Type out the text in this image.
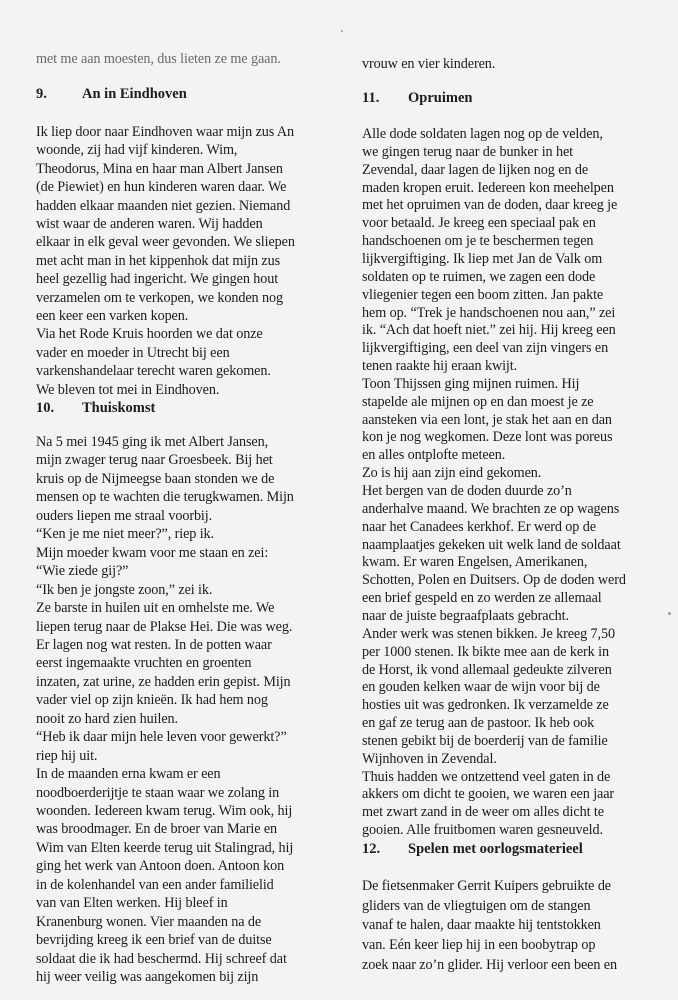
met me aan moesten, dus lieten ze me gaan.
9. An in Eindhoven
Ik liep door naar Eindhoven waar mijn zus An
woonde, zij had vijf kinderen. Wim,
Theodorus, Mina en haar man Albert Jansen
(de Piewiet) en hun kinderen waren daar. We
hadden elkaar maanden niet gezien. Niemand
wist waar de anderen waren. Wij hadden
elkaar in elk geval weer gevonden. We sliepen
met acht man in het kippenhok dat mijn zus
heel gezellig had ingericht. We gingen hout
verzamelen om te verkopen, we konden nog
een keer een varken kopen.
Via het Rode Kruis hoorden we dat onze
vader en moeder in Utrecht bij een
varkenshandelaar terecht waren gekomen.
We bleven tot mei in Eindhoven.
10. Thuiskomst
Na 5 mei 1945 ging ik met Albert Jansen,
mijn zwager terug naar Groesbeek. Bij het
kruis op de Nijmeegse baan stonden we de
mensen op te wachten die terugkwamen. Mijn
ouders liepen me straal voorbij.
“Ken je me niet meer?”, riep ik.
Mijn moeder kwam voor me staan en zei:
“Wie ziede gij?”
“Ik ben je jongste zoon,” zei ik.
Ze barste in huilen uit en omhelste me. We
liepen terug naar de Plakse Hei. Die was weg.
Er lagen nog wat resten. In de potten waar
eerst ingemaakte vruchten en groenten
inzaten, zat urine, ze hadden erin gepist. Mijn
vader viel op zijn knieën. Ik had hem nog
nooit zo hard zien huilen.
“Heb ik daar mijn hele leven voor gewerkt?”
riep hij uit.
In de maanden erna kwam er een
noodboerderijtje te staan waar we zolang in
woonden. Iedereen kwam terug. Wim ook, hij
was broodmager. En de broer van Marie en
Wim van Elten keerde terug uit Stalingrad, hij
ging het werk van Antoon doen. Antoon kon
in de kolenhandel van een ander familielid
van van Elten werken. Hij bleef in
Kranenburg wonen. Vier maanden na de
bevrijding kreeg ik een brief van de duitse
soldaat die ik had beschermd. Hij schreef dat
hij weer veilig was aangekomen bij zijn
vrouw en vier kinderen.
11. Opruimen
Alle dode soldaten lagen nog op de velden,
we gingen terug naar de bunker in het
Zevendal, daar lagen de lijken nog en de
maden kropen eruit. Iedereen kon meehelpen
met het opruimen van de doden, daar kreeg je
voor betaald. Je kreeg een speciaal pak en
handschoenen om je te beschermen tegen
lijkvergiftiging. Ik liep met Jan de Valk om
soldaten op te ruimen, we zagen een dode
vliegenier tegen een boom zitten. Jan pakte
hem op. “Trek je handschoenen nou aan,” zei
ik. “Ach dat hoeft niet.” zei hij. Hij kreeg een
lijkvergiftiging, een deel van zijn vingers en
tenen raakte hij eraan kwijt.
Toon Thijssen ging mijnen ruimen. Hij
stapelde ale mijnen op en dan moest je ze
aansteken via een lont, je stak het aan en dan
kon je nog wegkomen. Deze lont was poreus
en alles ontplofte meteen.
Zo is hij aan zijn eind gekomen.
Het bergen van de doden duurde zo’n
anderhalve maand. We brachten ze op wagens
naar het Canadees kerkhof. Er werd op de
naamplaatjes gekeken uit welk land de soldaat
kwam. Er waren Engelsen, Amerikanen,
Schotten, Polen en Duitsers. Op de doden werd
een brief gespeld en zo werden ze allemaal
naar de juiste begraafplaats gebracht.
Ander werk was stenen bikken. Je kreeg 7,50
per 1000 stenen. Ik bikte mee aan de kerk in
de Horst, ik vond allemaal gedeukte zilveren
en gouden kelken waar de wijn voor bij de
hosties uit was gedronken. Ik verzamelde ze
en gaf ze terug aan de pastoor. Ik heb ook
stenen gebikt bij de boerderij van de familie
Wijnhoven in Zevendal.
Thuis hadden we ontzettend veel gaten in de
akkers om dicht te gooien, we waren een jaar
met zwart zand in de weer om alles dicht te
gooien. Alle fruitbomen waren gesneuveld.
12. Spelen met oorlogsmaterieel
De fietsenmaker Gerrit Kuipers gebruikte de
gliders van de vliegtuigen om de stangen
vanaf te halen, daar maakte hij tentstokken
van. Eén keer liep hij in een boobytrap op
zoek naar zo’n glider. Hij verloor een been en
